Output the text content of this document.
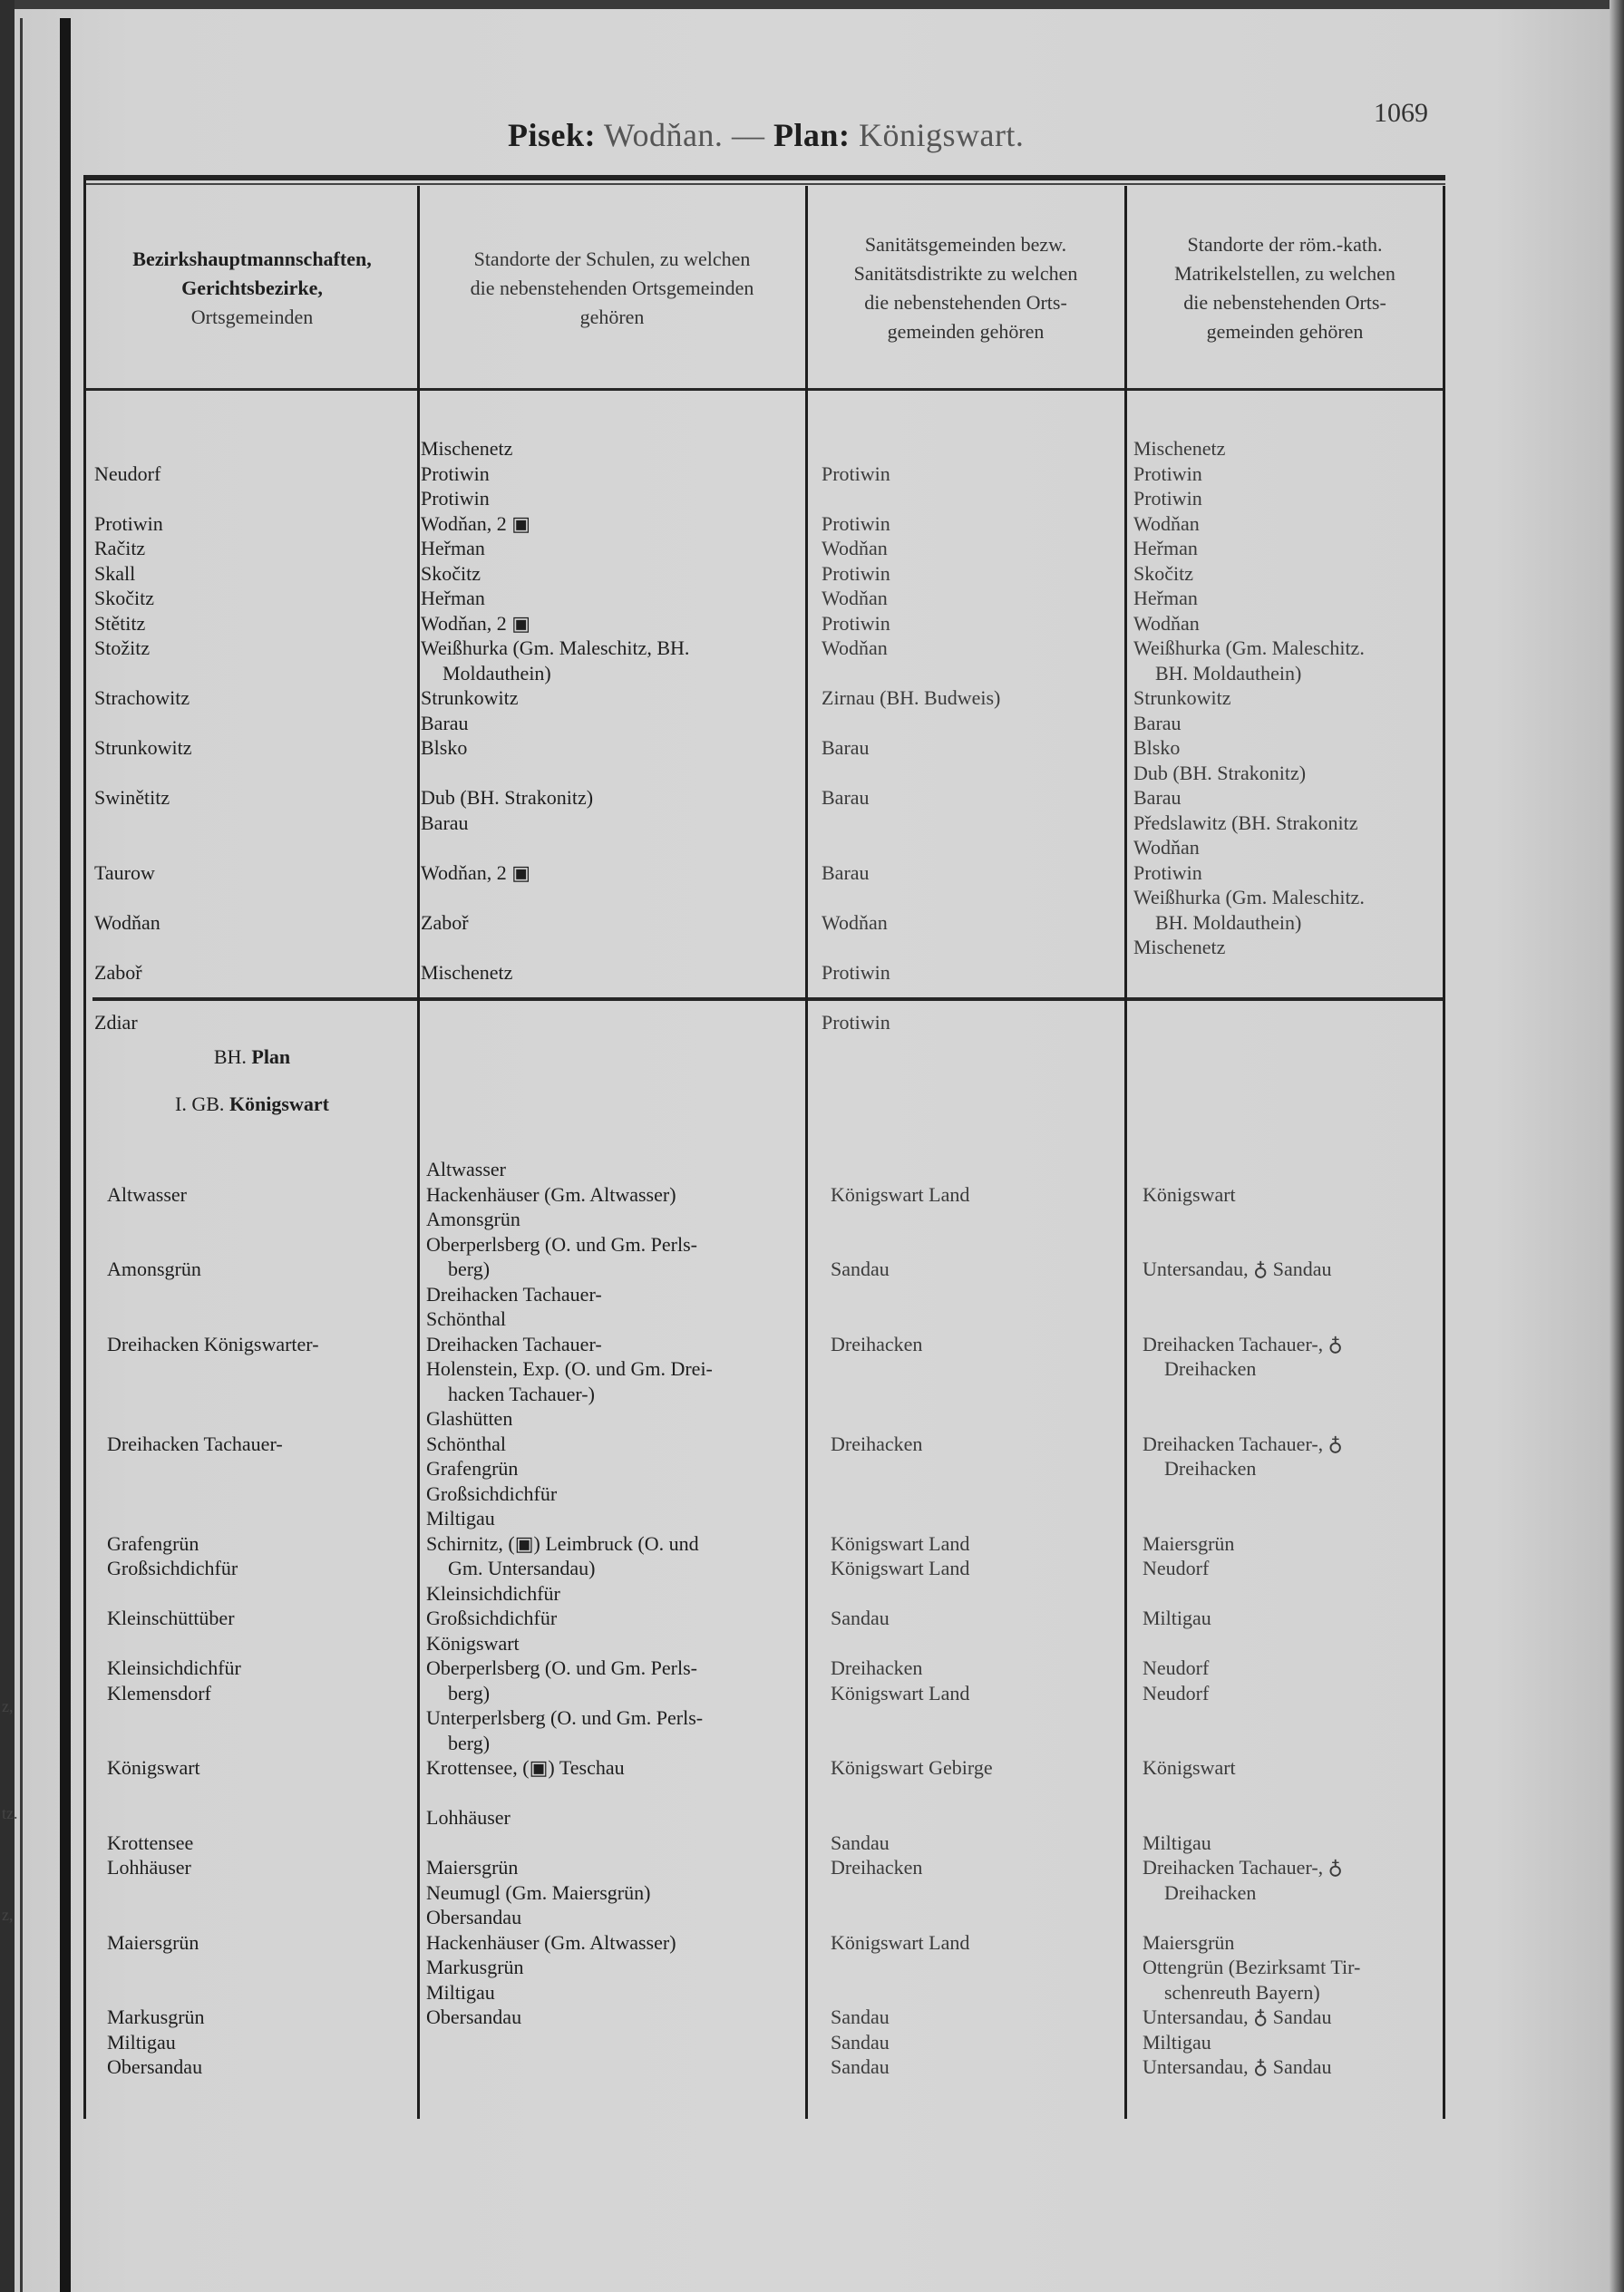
z,
tz.
z,
Pisek: Wodňan. — Plan: Königswart.
1069
Bezirkshauptmannschaften,
Gerichtsbezirke,
Ortsgemeinden
Standorte der Schulen, zu welchen
die nebenstehenden Ortsgemeinden
gehören
Sanitätsgemeinden bezw.
Sanitätsdistrikte zu welchen
die nebenstehenden Orts-
gemeinden gehören
Standorte der röm.-kath.
Matrikelstellen, zu welchen
die nebenstehenden Orts-
gemeinden gehören
Neudorf
Protiwin
Račitz
Skall
Skočitz
Stětitz
Stožitz
Strachowitz
Strunkowitz
Swinětitz
Taurow
Wodňan
Zaboř
Zdiar
Mischenetz
Protiwin
Protiwin
Wodňan, 2 ▣
Heřman
Skočitz
Heřman
Wodňan, 2 ▣
Weißhurka (Gm. Maleschitz, BH.
Moldauthein)
Strunkowitz
Barau
Blsko
Dub (BH. Strakonitz)
Barau
Wodňan, 2 ▣
Zaboř
Mischenetz
Protiwin
Protiwin
Wodňan
Protiwin
Wodňan
Protiwin
Wodňan
Zirnau (BH. Budweis)
Barau
Barau
Barau
Wodňan
Protiwin
Protiwin
Mischenetz
Protiwin
Protiwin
Wodňan
Heřman
Skočitz
Heřman
Wodňan
Weißhurka (Gm. Maleschitz.
BH. Moldauthein)
Strunkowitz
Barau
Blsko
Dub (BH. Strakonitz)
Barau
Předslawitz (BH. Strakonitz
Wodňan
Protiwin
Weißhurka (Gm. Maleschitz.
BH. Moldauthein)
Mischenetz
BH. Plan
I. GB. Königswart
Altwasser
Amonsgrün
Dreihacken Königswarter-
Dreihacken Tachauer-
Grafengrün
Großsichdichfür
Kleinschüttüber
Kleinsichdichfür
Klemensdorf
Königswart
Krottensee
Lohhäuser
Maiersgrün
Markusgrün
Miltigau
Obersandau
Altwasser
Hackenhäuser (Gm. Altwasser)
Amonsgrün
Oberperlsberg (O. und Gm. Perls-
berg)
Dreihacken Tachauer-
Schönthal
Dreihacken Tachauer-
Holenstein, Exp. (O. und Gm. Drei-
hacken Tachauer-)
Glashütten
Schönthal
Grafengrün
Großsichdichfür
Miltigau
Schirnitz, (▣) Leimbruck (O. und
Gm. Untersandau)
Kleinsichdichfür
Großsichdichfür
Königswart
Oberperlsberg (O. und Gm. Perls-
berg)
Unterperlsberg (O. und Gm. Perls-
berg)
Krottensee, (▣) Teschau
Lohhäuser
Maiersgrün
Neumugl (Gm. Maiersgrün)
Obersandau
Hackenhäuser (Gm. Altwasser)
Markusgrün
Miltigau
Obersandau
Königswart Land
Sandau
Dreihacken
Dreihacken
Königswart Land
Königswart Land
Sandau
Dreihacken
Königswart Land
Königswart Gebirge
Sandau
Dreihacken
Königswart Land
Sandau
Sandau
Sandau
Königswart
Untersandau, ♁ Sandau
Dreihacken Tachauer-, ♁
Dreihacken
Dreihacken Tachauer-, ♁
Dreihacken
Maiersgrün
Neudorf
Miltigau
Neudorf
Neudorf
Königswart
Miltigau
Dreihacken Tachauer-, ♁
Dreihacken
Maiersgrün
Ottengrün (Bezirksamt Tir-
schenreuth Bayern)
Untersandau, ♁ Sandau
Miltigau
Untersandau, ♁ Sandau
